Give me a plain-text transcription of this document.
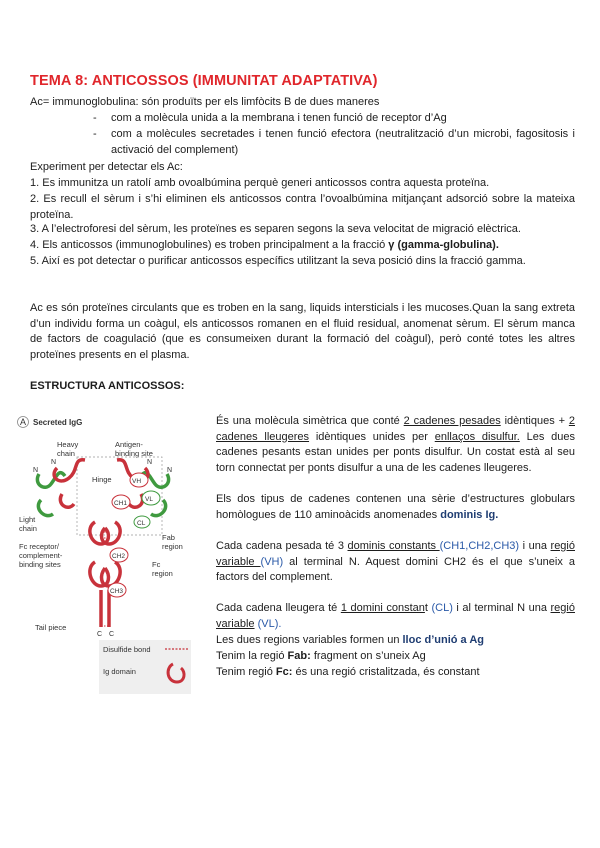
TEMA 8: ANTICOSSOS (IMMUNITAT ADAPTATIVA)

Ac= immunoglobulina: són produïts per els limfòcits B de dues maneres

-	com a molècula unida a la membrana i tenen funció de receptor d’Ag
-	com a molècules secretades i tenen funció efectora (neutralització d’un microbi, fagositosis i activació del complement)

Experiment per detectar els Ac:

1. Es immunitza un ratolí amb ovoalbúmina perquè generi anticossos contra aquesta proteïna.

2. Es recull el sèrum i s’hi eliminen els anticossos contra l’ovoalbúmina mitjançant adsorció sobre la mateixa proteïna.

3. A l’electroforesi del sèrum, les proteïnes es separen segons la seva velocitat de migració elèctrica.

4. Els anticossos (immunoglobulines) es troben principalment a la fracció γ (gamma-globulina).

5. Així es pot detectar o purificar anticossos específics utilitzant la seva posició dins la fracció gamma.

Ac es són proteïnes circulants que es troben en la sang, liquids intersticials i les mucoses.Quan la sang extreta d’un individu forma un coàgul, els anticossos romanen en el fluid residual, anomenat sèrum. El sèrum manca de factors de coagulació (que es consumeixen durant la formació del coàgul), però conté totes les altres proteïnes presents en el plasma.

ESTRUCTURA ANTICOSSOS:

A Secreted IgG
Heavy
chain
Antigen-
binding site
Hinge
Light
chain
Fc receptor/
complement-
binding sites
Fab
region
Fc
region
Tail piece
VH
VL
CH1
CL
CH2
CH3
N
N
N
N
C C
Disulfide bond
Ig domain

És una molècula simètrica que conté 2 cadenes pesades idèntiques + 2 cadenes lleugeres idèntiques unides per enllaços disulfur. Les dues cadenes pesants estan unides per ponts disulfur. Un costat està al seu torn connectat per ponts disulfur a una de les cadenes lleugeres.

Els dos tipus de cadenes contenen una sèrie d’estructures globulars homòlogues de 110 aminoàcids anomenades dominis Ig.

Cada cadena pesada té 3 dominis constants (CH1,CH2,CH3) i una regió variable (VH) al terminal N. Aquest domini CH2 és el que s’uneix a factors del complement.

Cada cadena lleugera té 1 domini constant (CL) i al terminal N una regió variable (VL).

Les dues regions variables formen un lloc d’unió a Ag

Tenim la regió Fab: fragment on s’uneix Ag

Tenim regió Fc: és una regió cristalitzada, és constant
